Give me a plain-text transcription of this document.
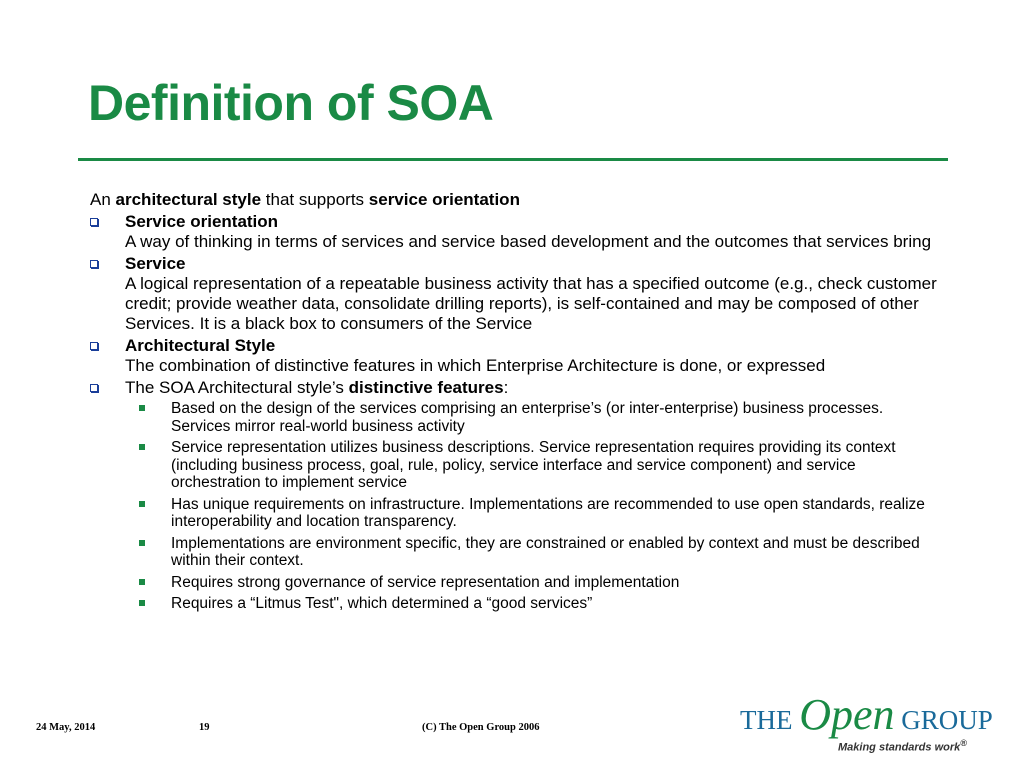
Definition of SOA

An architectural style that supports service orientation

Service orientation
A way of thinking in terms of services and service based development and the outcomes that services bring
Service
A logical representation of a repeatable business activity that has a specified outcome (e.g., check customer credit; provide weather data, consolidate drilling reports), is self-contained and may be composed of other Services. It is a black box to consumers of the Service
Architectural Style
The combination of distinctive features in which Enterprise Architecture is done, or expressed
The SOA Architectural style’s distinctive features:
Based on the design of the services comprising an enterprise’s (or inter-enterprise) business processes. Services mirror real-world business activity
Service representation utilizes business descriptions. Service representation requires providing its context (including business process, goal, rule, policy, service interface and service component) and service orchestration to implement service
Has unique requirements on infrastructure. Implementations are recommended to use open standards, realize interoperability and location transparency.
Implementations are environment specific, they are constrained or enabled by context and must be described within their context.
Requires strong governance of service representation and implementation
Requires a “Litmus Test", which determined a “good services”
24 May, 2014	19	(C) The Open Group 2006	THE Open GROUP
Making standards work®
